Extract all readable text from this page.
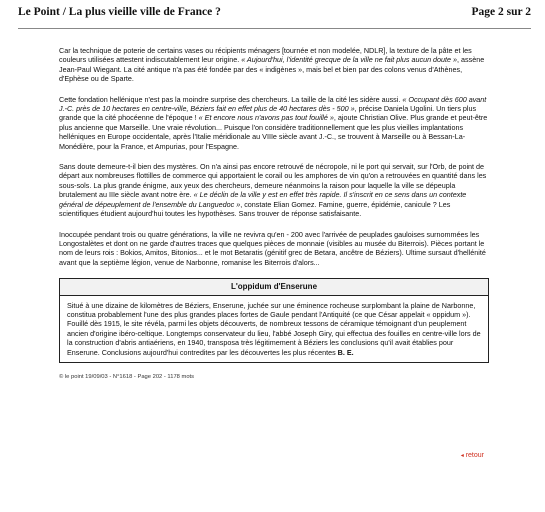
Le Point / La plus vieille ville de France ?	Page 2 sur 2

Car la technique de poterie de certains vases ou récipients ménagers [tournée et non modelée, NDLR], la texture de la pâte et les couleurs utilisées attestent indiscutablement leur origine. « Aujourd'hui, l'identité grecque de la ville ne fait plus aucun doute », assène Jean-Paul Wiegant. La cité antique n'a pas été fondée par des « indigènes », mais bel et bien par des colons venus d'Athènes, d'Ephèse ou de Sparte.

Cette fondation hellénique n'est pas la moindre surprise des chercheurs. La taille de la cité les sidère aussi. « Occupant dès 600 avant J.-C. près de 10 hectares en centre-ville, Béziers fait en effet plus de 40 hectares dès - 500 », précise Daniela Ugolini. Un tiers plus grande que la cité phocéenne de l'époque ! « Et encore nous n'avons pas tout fouillé », ajoute Christian Olive. Plus grande et peut-être plus ancienne que Marseille. Une vraie révolution... Puisque l'on considère traditionnellement que les plus vieilles implantations helléniques en Europe occidentale, après l'Italie méridionale au VIIIe siècle avant J.-C., se trouvent à Marseille ou à Bessan-La-Monédière, pour la France, et Ampurias, pour l'Espagne.

Sans doute demeure-t-il bien des mystères. On n'a ainsi pas encore retrouvé de nécropole, ni le port qui servait, sur l'Orb, de point de départ aux nombreuses flottilles de commerce qui apportaient le corail ou les amphores de vin qu'on a retrouvées en quantité dans les sous-sols. La plus grande énigme, aux yeux des chercheurs, demeure néanmoins la raison pour laquelle la ville se dépeupla brutalement au IIIe siècle avant notre ère. « Le déclin de la ville y est en effet très rapide. Il s'inscrit en ce sens dans un contexte général de dépeuplement de l'ensemble du Languedoc », constate Elian Gomez. Famine, guerre, épidémie, canicule ? Les scientifiques étudient aujourd'hui toutes les hypothèses. Sans trouver de réponse satisfaisante.

Inoccupée pendant trois ou quatre générations, la ville ne revivra qu'en - 200 avec l'arrivée de peuplades gauloises surnommées les Longostalètes et dont on ne garde d'autres traces que quelques pièces de monnaie (visibles au musée du Biterrois). Pièces portant le nom de leurs rois : Bokios, Amitos, Bitonios... et le mot Betaratis (génitif grec de Betara, ancêtre de Béziers). Ultime sursaut d'hellénité avant que la septième légion, venue de Narbonne, romanise les Biterrois d'alors...

L'oppidum d'Enserune
Situé à une dizaine de kilomètres de Béziers, Enserune, juchée sur une éminence rocheuse surplombant la plaine de Narbonne, constitua probablement l'une des plus grandes places fortes de Gaule pendant l'Antiquité (ce que César appelait « oppidum »). Fouillé dès 1915, le site révéla, parmi les objets découverts, de nombreux tessons de céramique témoignant d'un peuplement ancien d'origine ibéro-celtique. Longtemps conservateur du lieu, l'abbé Joseph Giry, qui effectua des fouilles en centre-ville lors de la construction d'abris antiaériens, en 1940, transposa très légitimement à Béziers les conclusions qu'il avait établies pour Enserune. Conclusions aujourd'hui contredites par les découvertes les plus récentes B. E.
© le point 19/09/03 - N°1618 - Page 202 - 1178 mots
◂ retour
